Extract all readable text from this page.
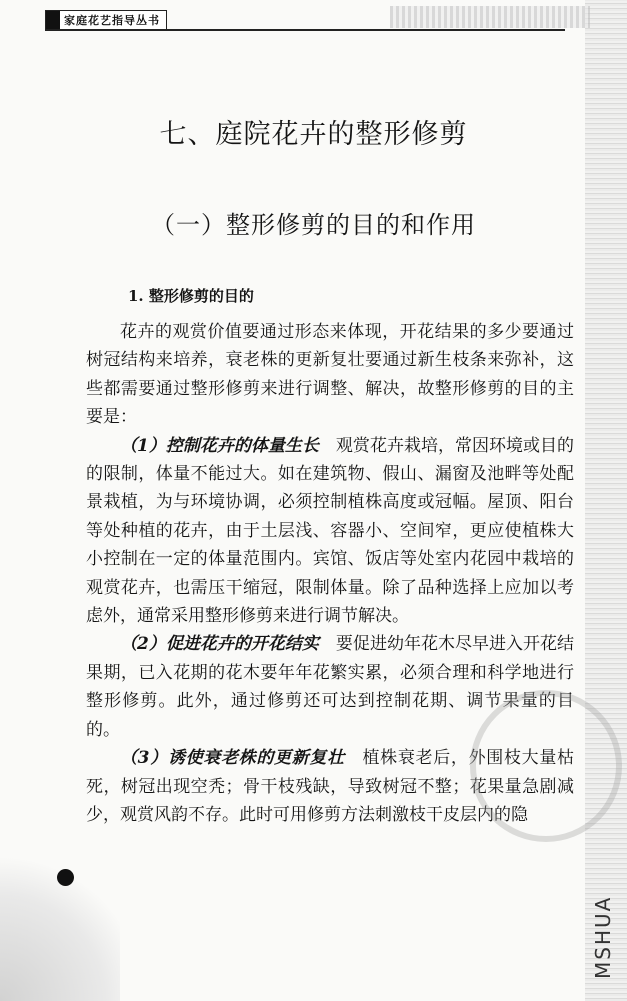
家庭花艺指导丛书
七、庭院花卉的整形修剪
（一）整形修剪的目的和作用
1. 整形修剪的目的

花卉的观赏价值要通过形态来体现，开花结果的多少要通过树冠结构来培养，衰老株的更新复壮要通过新生枝条来弥补，这些都需要通过整形修剪来进行调整、解决，故整形修剪的目的主要是：

（1）控制花卉的体量生长　观赏花卉栽培，常因环境或目的的限制，体量不能过大。如在建筑物、假山、漏窗及池畔等处配景栽植，为与环境协调，必须控制植株高度或冠幅。屋顶、阳台等处种植的花卉，由于土层浅、容器小、空间窄，更应使植株大小控制在一定的体量范围内。宾馆、饭店等处室内花园中栽培的观赏花卉，也需压干缩冠，限制体量。除了品种选择上应加以考虑外，通常采用整形修剪来进行调节解决。

（2）促进花卉的开花结实　要促进幼年花木尽早进入开花结果期，已入花期的花木要年年花繁实累，必须合理和科学地进行整形修剪。此外，通过修剪还可达到控制花期、调节果量的目的。

（3）诱使衰老株的更新复壮　植株衰老后，外围枝大量枯死，树冠出现空秃；骨干枝残缺，导致树冠不整；花果量急剧减少，观赏风韵不存。此时可用修剪方法刺激枝干皮层内的隐

MSHUA
